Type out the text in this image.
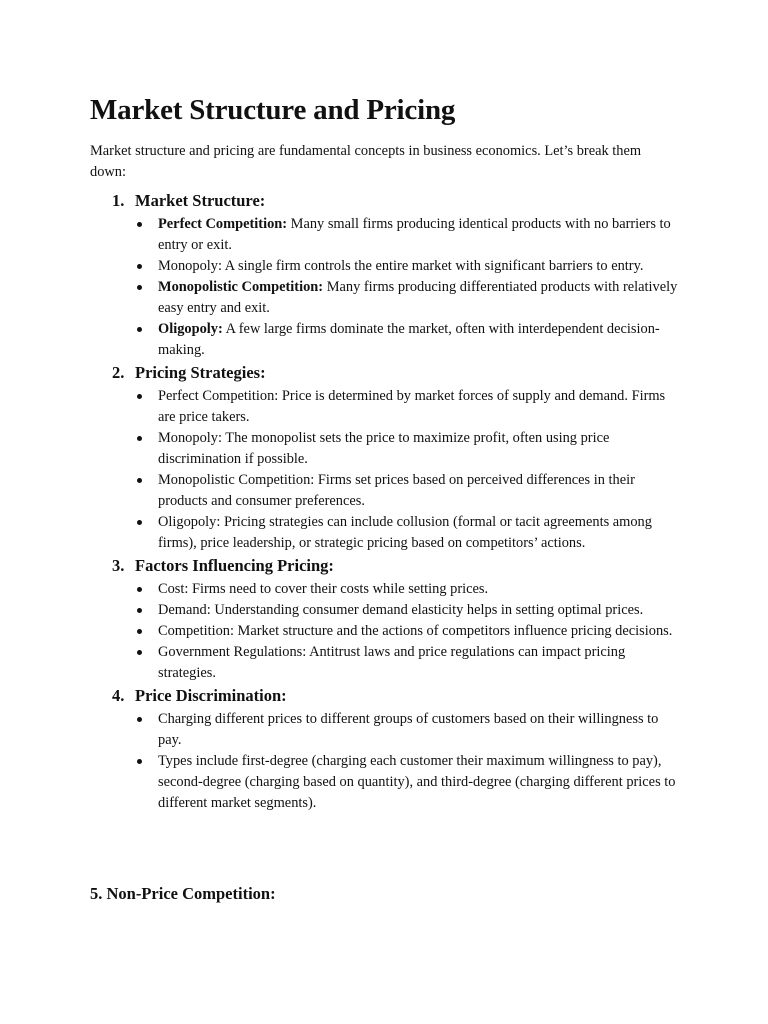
Market Structure and Pricing

Market structure and pricing are fundamental concepts in business economics. Let’s break them down:

1. Market Structure:
Perfect Competition: Many small firms producing identical products with no barriers to entry or exit.
Monopoly: A single firm controls the entire market with significant barriers to entry.
Monopolistic Competition: Many firms producing differentiated products with relatively easy entry and exit.
Oligopoly: A few large firms dominate the market, often with interdependent decision-making.
2. Pricing Strategies:
Perfect Competition: Price is determined by market forces of supply and demand. Firms are price takers.
Monopoly: The monopolist sets the price to maximize profit, often using price discrimination if possible.
Monopolistic Competition: Firms set prices based on perceived differences in their products and consumer preferences.
Oligopoly: Pricing strategies can include collusion (formal or tacit agreements among firms), price leadership, or strategic pricing based on competitors’ actions.
3. Factors Influencing Pricing:
Cost: Firms need to cover their costs while setting prices.
Demand: Understanding consumer demand elasticity helps in setting optimal prices.
Competition: Market structure and the actions of competitors influence pricing decisions.
Government Regulations: Antitrust laws and price regulations can impact pricing strategies.
4. Price Discrimination:
Charging different prices to different groups of customers based on their willingness to pay.
Types include first-degree (charging each customer their maximum willingness to pay), second-degree (charging based on quantity), and third-degree (charging different prices to different market segments).
5. Non-Price Competition:
